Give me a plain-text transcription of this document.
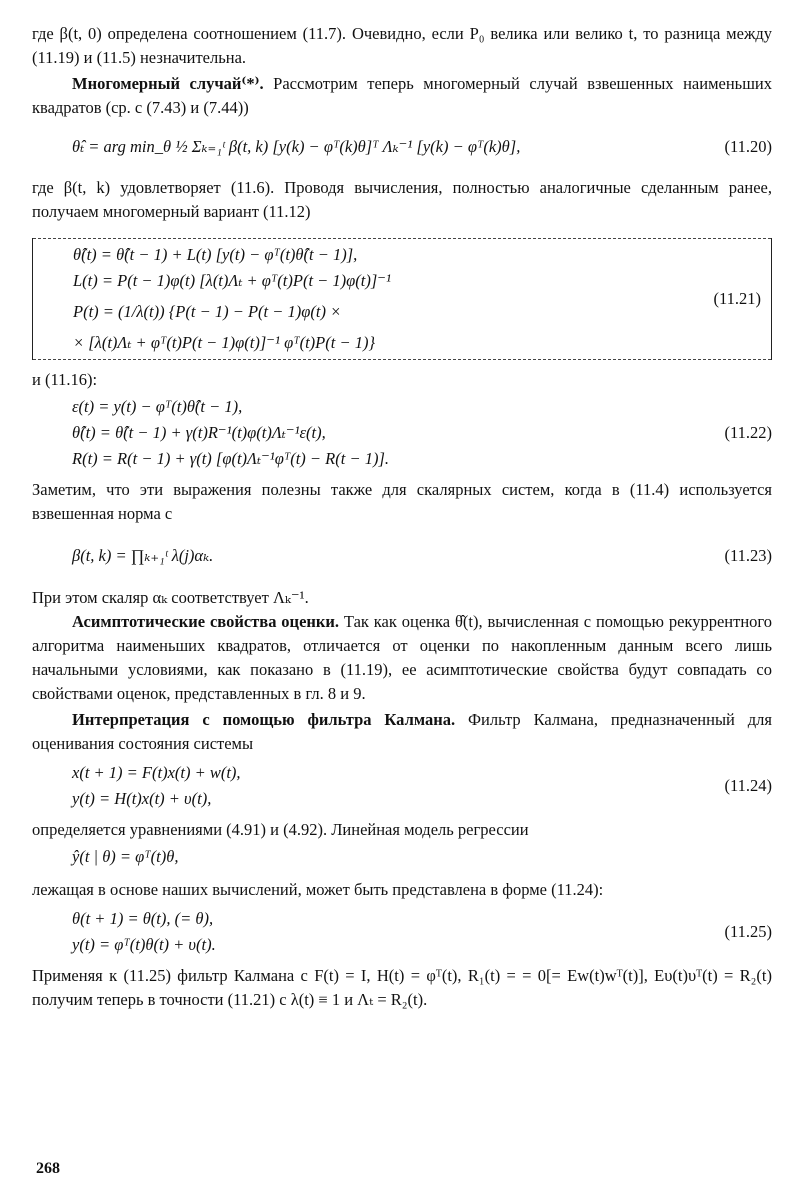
где β(t, 0) определена соотношением (11.7). Очевидно, если P₀ велика или велико t, то разница между (11.19) и (11.5) незначительна.

Многомерный случай⁽*⁾. Рассмотрим теперь многомерный случай взвешенных наименьших квадратов (ср. с (7.43) и (7.44))

θ̂ₜ = arg min_θ ½ Σₖ₌₁ᵗ β(t, k) [y(k) − φᵀ(k)θ]ᵀ Λₖ⁻¹ [y(k) − φᵀ(k)θ],	(11.20)

где β(t, k) удовлетворяет (11.6). Проводя вычисления, полностью аналогичные сделанным ранее, получаем многомерный вариант (11.12)

θ̂(t) = θ̂(t − 1) + L(t) [y(t) − φᵀ(t)θ̂(t − 1)],
L(t) = P(t − 1)φ(t) [λ(t)Λₜ + φᵀ(t)P(t − 1)φ(t)]⁻¹
P(t) = (1/λ(t)) {P(t − 1) − P(t − 1)φ(t) ×
× [λ(t)Λₜ + φᵀ(t)P(t − 1)φ(t)]⁻¹ φᵀ(t)P(t − 1)}
(11.21)

и (11.16):

ε(t) = y(t) − φᵀ(t)θ̂(t − 1),
θ̂(t) = θ̂(t − 1) + γ(t)R⁻¹(t)φ(t)Λₜ⁻¹ε(t),
R(t) = R(t − 1) + γ(t) [φ(t)Λₜ⁻¹φᵀ(t) − R(t − 1)].
(11.22)

Заметим, что эти выражения полезны также для скалярных систем, когда в (11.4) используется взвешенная норма с

β(t, k) = ∏ₖ₊₁ᵗ λ(j)αₖ.	(11.23)

При этом скаляр αₖ соответствует Λₖ⁻¹.

Асимптотические свойства оценки. Так как оценка θ̂(t), вычисленная с помощью рекуррентного алгоритма наименьших квадратов, отличается от оценки по накопленным данным всего лишь начальными условиями, как показано в (11.19), ее асимптотические свойства будут совпадать со свойствами оценок, представленных в гл. 8 и 9.

Интерпретация с помощью фильтра Калмана. Фильтр Калмана, предназначенный для оценивания состояния системы

x(t + 1) = F(t)x(t) + w(t),
y(t) = H(t)x(t) + υ(t),
(11.24)

определяется уравнениями (4.91) и (4.92). Линейная модель регрессии

ŷ(t | θ) = φᵀ(t)θ,

лежащая в основе наших вычислений, может быть представлена в форме (11.24):

θ(t + 1) = θ(t), (= θ),
y(t) = φᵀ(t)θ(t) + υ(t).
(11.25)

Применяя к (11.25) фильтр Калмана с F(t) = I, H(t) = φᵀ(t), R₁(t) = = 0[= Ew(t)wᵀ(t)], Eυ(t)υᵀ(t) = R₂(t) получим теперь в точности (11.21) с λ(t) ≡ 1 и Λₜ = R₂(t).

268
